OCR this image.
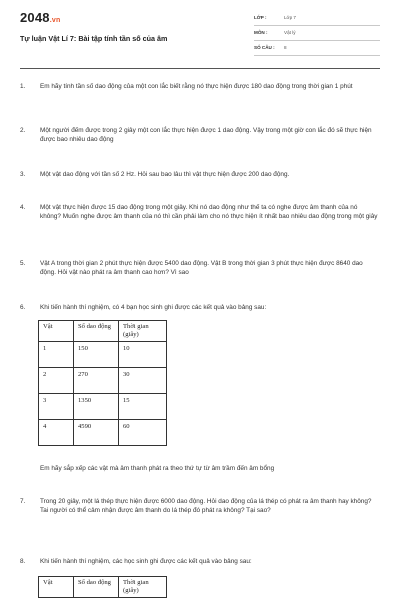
2048.vn
Tự luận Vật Lí 7: Bài tập tính tần số của âm
LỚP :	Lớp 7
MÔN :	Vật lý
SỐ CÂU : 8
1.	Em hãy tính tần số dao động của một con lắc biết rằng nó thực hiện được 180 dao động trong thời gian 1 phút
2.	Một người đếm được trong 2 giây một con lắc thực hiện được 1 dao động. Vậy trong một giờ con lắc đó sẽ thực hiện được bao nhiêu dao động
3.	Một vật dao động với tần số 2 Hz. Hỏi sau bao lâu thì vật thực hiện được 200 dao động.
4.	Một vật thực hiện được 15 dao động trong một giây. Khi nó dao động như thế ta có nghe được âm thanh của nó không? Muốn nghe được âm thanh của nó thì cần phải làm cho nó thực hiện ít nhất bao nhiêu dao động trong một giây
5.	Vật A trong thời gian 2 phút thực hiện được 5400 dao động. Vật B trong thời gian 3 phút thực hiện được 8640 dao động. Hỏi vật nào phát ra âm thanh cao hơn? Vì sao
6.	Khi tiến hành thí nghiệm, có 4 bạn học sinh ghi được các kết quả vào bảng sau:
Vật	Số dao động	Thời gian (giây)
1	150	10
2	270	30
3	1350	15
4	4590	60
Em hãy sắp xếp các vật mà âm thanh phát ra theo thứ tự từ âm trầm đến âm bổng
7.	Trong 20 giây, một lá thép thực hiện được 6000 dao động. Hỏi dao động của lá thép có phát ra âm thanh hay không? Tai người có thể cảm nhận được âm thanh do lá thép đó phát ra không? Tại sao?
8.	Khi tiến hành thí nghiệm, các học sinh ghi được các kết quả vào bảng sau:
Vật	Số dao động	Thời gian (giây)
